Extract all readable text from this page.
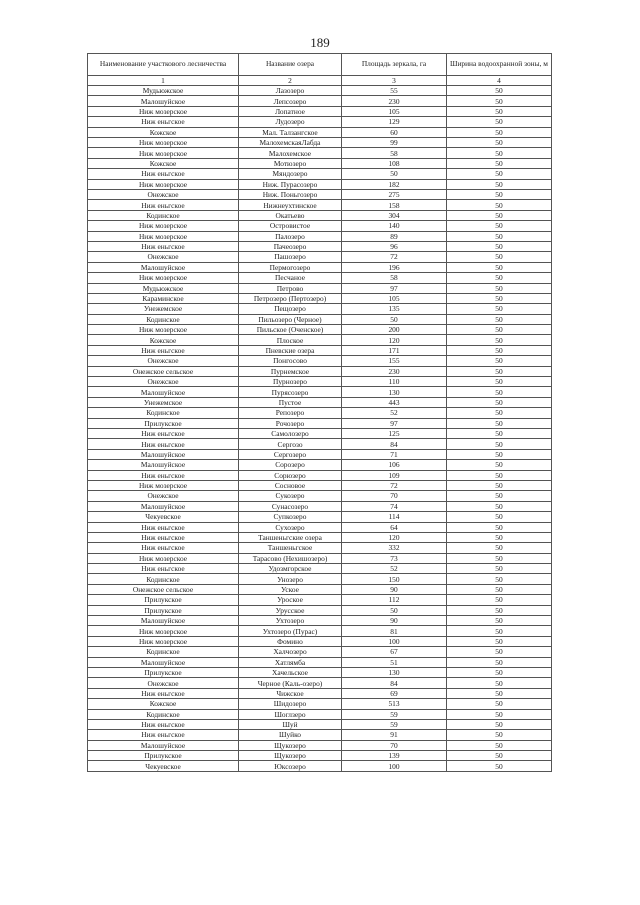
189
Наименование участкового лесничества	Название озера	Площадь зеркала, га	Ширина водоохранной зоны, м
1	2	3	4
Мудьюжское	Лазозеро	55	50
Малошуйское	Лепсозеро	230	50
Ниж мозерское	Лопатное	105	50
Ниж еньгское	Лудозеро	129	50
Кожское	Мал. Талзангское	60	50
Ниж мозерское	МалохемскаяЛабда	99	50
Ниж мозерское	Малохемское	58	50
Кожское	Мотюзеро	108	50
Ниж еньгское	Мяндозеро	50	50
Ниж мозерское	Ниж. Пурасозеро	182	50
Онежское	Ниж. Поньгозеро	275	50
Ниж еньгское	Нижнеухтинское	158	50
Кодинское	Окатьево	304	50
Ниж мозерское	Островистое	140	50
Ниж мозерское	Палозеро	89	50
Ниж еньгское	Пачеозеро	96	50
Онежское	Пашозеро	72	50
Малошуйское	Пермогозеро	196	50
Ниж мозерское	Песчаное	58	50
Мудьюжское	Петрово	97	50
Караминское	Петрозеро (Пертозеро)	105	50
Унежемское	Пещозеро	135	50
Кодинское	Пильозеро (Черное)	50	50
Ниж мозерское	Пильское (Оченское)	200	50
Кожское	Плоское	120	50
Ниж еньгское	Пневские озера	171	50
Онежское	Понгосово	155	50
Онежское сельское	Пурнемское	230	50
Онежское	Пурнозеро	110	50
Малошуйское	Пурясозеро	130	50
Унежемское	Пустое	443	50
Кодинское	Репозеро	52	50
Прилукское	Рочозеро	97	50
Ниж еньгское	Самолозеро	125	50
Ниж еньгское	Сергозо	84	50
Малошуйское	Сергозеро	71	50
Малошуйское	Сорозеро	106	50
Ниж еньгское	Сорюзеро	109	50
Ниж мозерское	Сосновое	72	50
Онежское	Сукозеро	70	50
Малошуйское	Сунасозеро	74	50
Чекуевское	Супкозеро	114	50
Ниж еньгское	Сухозеро	64	50
Ниж еньгское	Таншеньгские озера	120	50
Ниж еньгское	Таншеньгское	332	50
Ниж мозерское	Тарасово (Нехишозеро)	73	50
Ниж еньгское	Удозмгорское	52	50
Кодинское	Унозеро	150	50
Онежское сельское	Уское	90	50
Прилукское	Уроское	112	50
Прилукское	Урусское	50	50
Малошуйское	Ухтозеро	90	50
Ниж мозерское	Ухтозеро (Пурас)	81	50
Ниж мозерское	Фомино	100	50
Кодинское	Халчозеро	67	50
Малошуйское	Хатлямба	51	50
Прилукское	Хачельское	130	50
Онежское	Черное (Каль-озеро)	84	50
Ниж еньгское	Чижское	69	50
Кожское	Шидозеро	513	50
Кодинское	Шоглзеро	59	50
Ниж еньгское	Шуй	59	50
Ниж еньгское	Шуйко	91	50
Малошуйское	Щукозеро	70	50
Прилукское	Щукозеро	139	50
Чекуевское	Юксозеро	100	50
